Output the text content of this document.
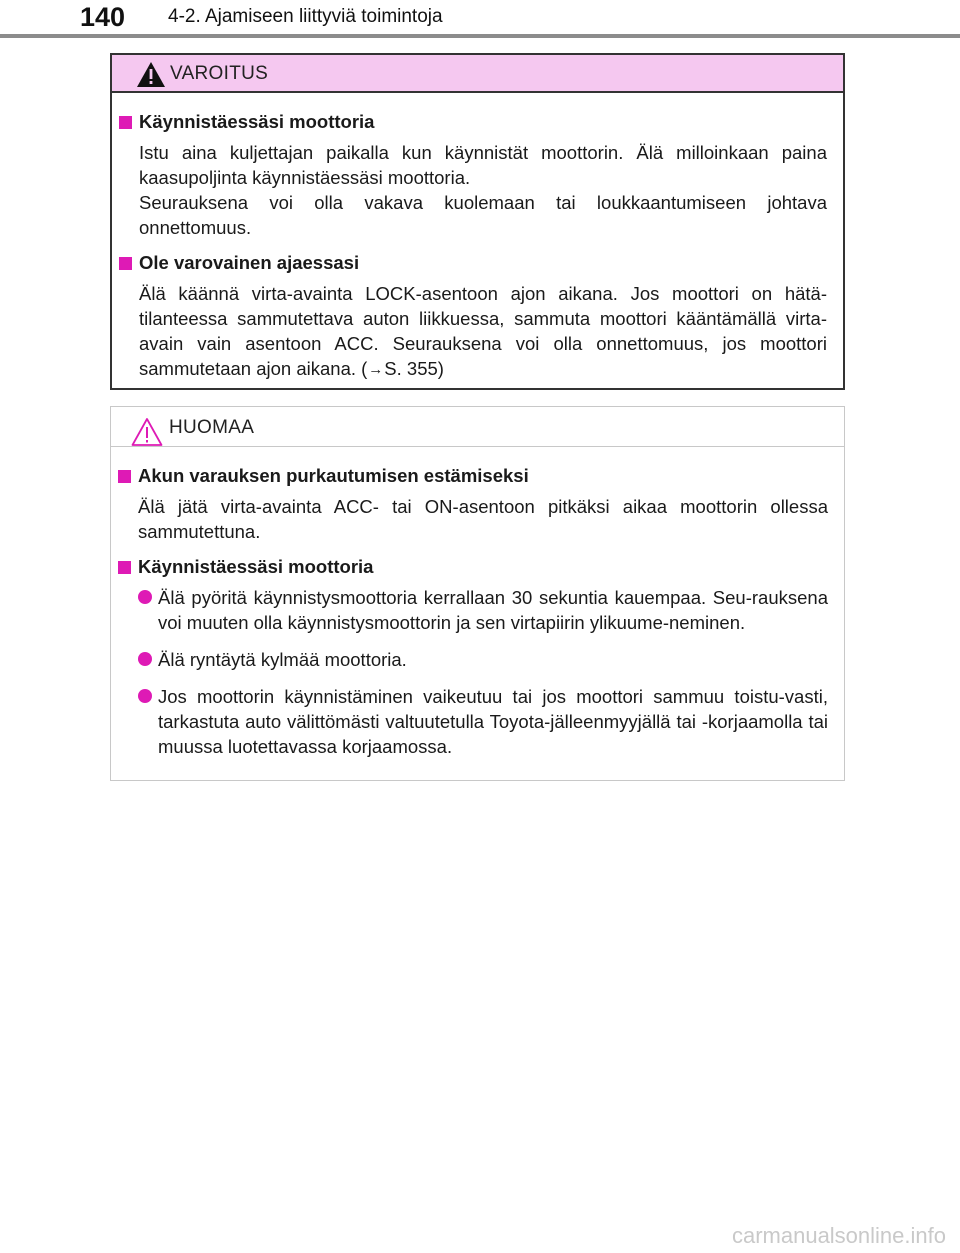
140 4-2. Ajamiseen liittyviä toimintoja
VAROITUS
Käynnistäessäsi moottoria

Istu aina kuljettajan paikalla kun käynnistät moottorin. Älä milloinkaan paina kaasupoljinta käynnistäessäsi moottoria.

Seurauksena voi olla vakava kuolemaan tai loukkaantumiseen johtava onnettomuus.

Ole varovainen ajaessasi
Älä käännä virta-avainta LOCK-asentoon ajon aikana. Jos moottori on hätä-tilanteessa sammutettava auton liikkuessa, sammuta moottori kääntämällä virta-avain vain asentoon ACC. Seurauksena voi olla onnettomuus, jos moottori sammutetaan ajon aikana. (→S. 355)
HUOMAA
Akun varauksen purkautumisen estämiseksi
Älä jätä virta-avainta ACC- tai ON-asentoon pitkäksi aikaa moottorin ollessa sammutettuna.
Käynnistäessäsi moottoria
Älä pyöritä käynnistysmoottoria kerrallaan 30 sekuntia kauempaa. Seu-rauksena voi muuten olla käynnistysmoottorin ja sen virtapiirin ylikuume-neminen.
Älä ryntäytä kylmää moottoria.
Jos moottorin käynnistäminen vaikeutuu tai jos moottori sammuu toistu-vasti, tarkastuta auto välittömästi valtuutetulla Toyota-jälleenmyyjällä tai -korjaamolla tai muussa luotettavassa korjaamossa.
carmanualsonline.info
